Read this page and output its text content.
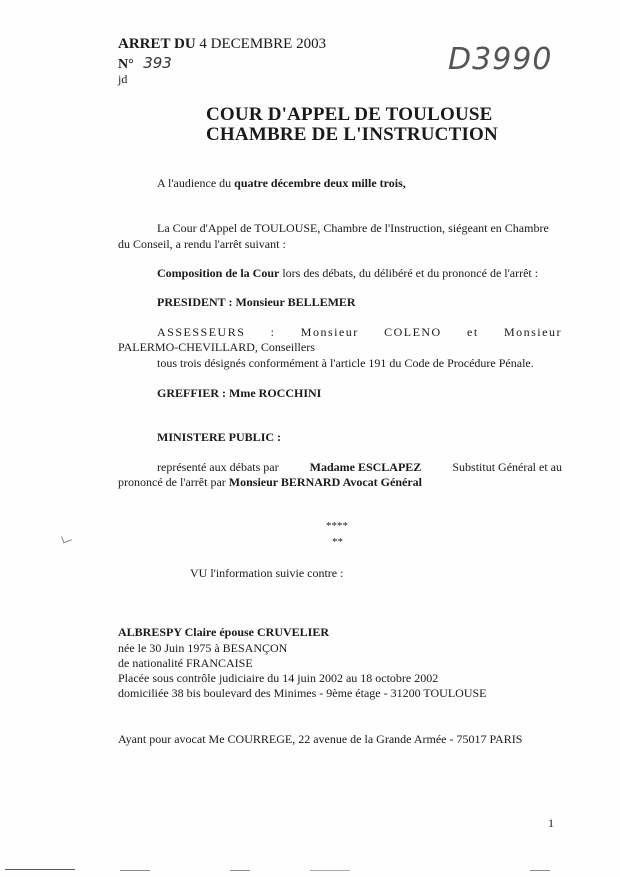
ARRET DU 4 DECEMBRE 2003
N° 393
jd
D3990
COUR D'APPEL DE TOULOUSE
CHAMBRE DE L'INSTRUCTION
A l'audience du quatre décembre deux mille trois,
La Cour d'Appel de TOULOUSE, Chambre de l'Instruction, siégeant en Chambre
du Conseil, a rendu l'arrêt suivant :
Composition de la Cour lors des débats, du délibéré et du prononcé de l'arrêt :
PRESIDENT : Monsieur BELLEMER
ASSESSEURS : Monsieur COLENO et Monsieur
PALERMO-CHEVILLARD, Conseillers
tous trois désignés conformément à l'article 191 du Code de Procédure Pénale.
GREFFIER : Mme ROCCHINI
MINISTERE PUBLIC :
représenté aux débats par	Madame ESCLAPEZ	Substitut Général et au
prononcé de l'arrêt par Monsieur BERNARD Avocat Général
****
**
VU l'information suivie contre :
ALBRESPY Claire épouse CRUVELIER
née le 30 Juin 1975 à BESANÇON
de nationalité FRANCAISE
Placée sous contrôle judiciaire du 14 juin 2002 au 18 octobre 2002
domiciliée 38 bis boulevard des Minimes - 9ème étage - 31200 TOULOUSE
Ayant pour avocat Me COURREGE, 22 avenue de la Grande Armée - 75017 PARIS
1
